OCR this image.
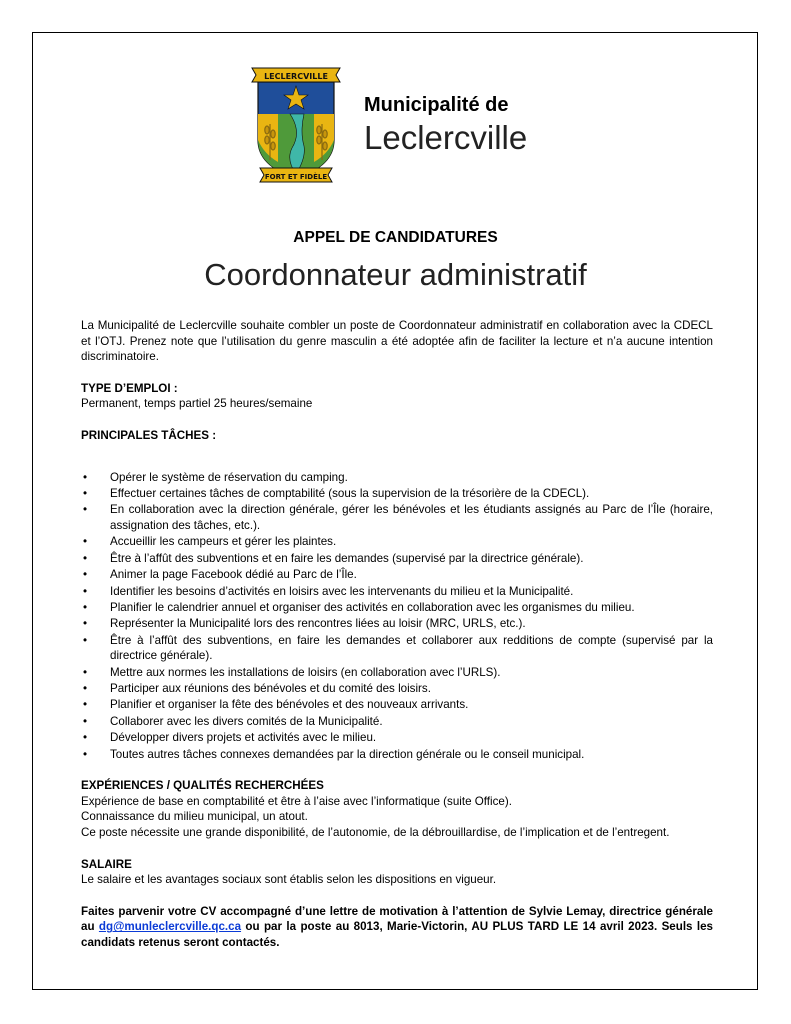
LECLERCVILLE
FORT ET FIDÈLE
Municipalité de
Leclercville
APPEL DE CANDIDATURES
Coordonnateur administratif

La Municipalité de Leclercville souhaite combler un poste de Coordonnateur administratif en collaboration avec la CDECL et l’OTJ. Prenez note que l’utilisation du genre masculin a été adoptée afin de faciliter la lecture et n’a aucune intention discriminatoire.

TYPE D’EMPLOI :

Permanent, temps partiel 25 heures/semaine

PRINCIPALES TÂCHES :

• Opérer le système de réservation du camping.
• Effectuer certaines tâches de comptabilité (sous la supervision de la trésorière de la CDECL).
• En collaboration avec la direction générale, gérer les bénévoles et les étudiants assignés au Parc de l’Île (horaire, assignation des tâches, etc.).
• Accueillir les campeurs et gérer les plaintes.
• Être à l’affût des subventions et en faire les demandes (supervisé par la directrice générale).
• Animer la page Facebook dédié au Parc de l’Île.
• Identifier les besoins d’activités en loisirs avec les intervenants du milieu et la Municipalité.
• Planifier le calendrier annuel et organiser des activités en collaboration avec les organismes du milieu.
• Représenter la Municipalité lors des rencontres liées au loisir (MRC, URLS, etc.).
• Être à l’affût des subventions, en faire les demandes et collaborer aux redditions de compte (supervisé par la directrice générale).
• Mettre aux normes les installations de loisirs (en collaboration avec l’URLS).
• Participer aux réunions des bénévoles et du comité des loisirs.
• Planifier et organiser la fête des bénévoles et des nouveaux arrivants.
• Collaborer avec les divers comités de la Municipalité.
• Développer divers projets et activités avec le milieu.
• Toutes autres tâches connexes demandées par la direction générale ou le conseil municipal.

EXPÉRIENCES / QUALITÉS RECHERCHÉES

Expérience de base en comptabilité et être à l’aise avec l’informatique (suite Office).

Connaissance du milieu municipal, un atout.

Ce poste nécessite une grande disponibilité, de l’autonomie, de la débrouillardise, de l’implication et de l’entregent.

SALAIRE

Le salaire et les avantages sociaux sont établis selon les dispositions en vigueur.

Faites parvenir votre CV accompagné d’une lettre de motivation à l’attention de Sylvie Lemay, directrice générale au dg@munleclercville.qc.ca ou par la poste au 8013, Marie-Victorin, AU PLUS TARD LE 14 avril 2023. Seuls les candidats retenus seront contactés.
